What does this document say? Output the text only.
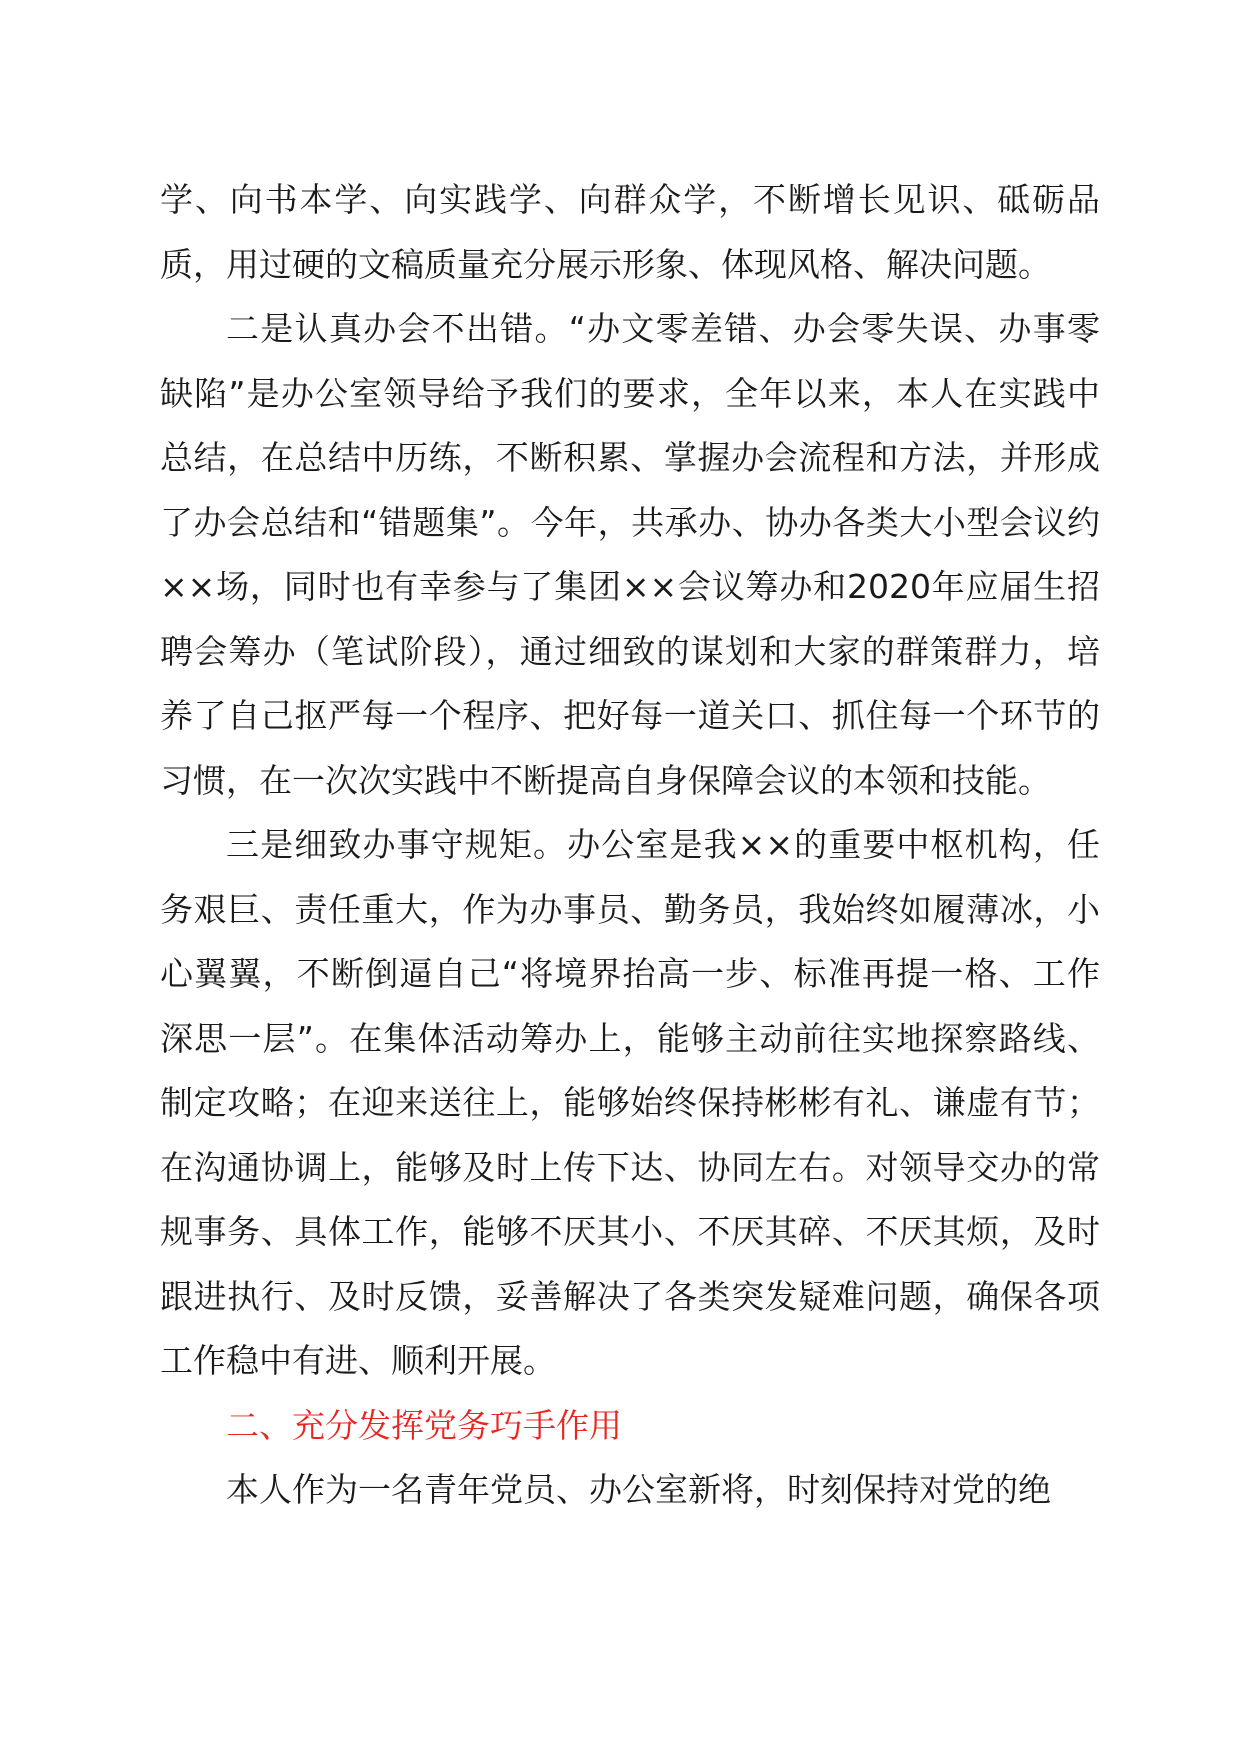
学、向书本学、向实践学、向群众学，不断增长见识、砥砺品质，用过硬的文稿质量充分展示形象、体现风格、解决问题。

二是认真办会不出错。“办文零差错、办会零失误、办事零缺陷”是办公室领导给予我们的要求，全年以来，本人在实践中总结，在总结中历练，不断积累、掌握办会流程和方法，并形成了办会总结和“错题集”。今年，共承办、协办各类大小型会议约××场，同时也有幸参与了集团××会议筹办和2020年应届生招聘会筹办（笔试阶段），通过细致的谋划和大家的群策群力，培养了自己抠严每一个程序、把好每一道关口、抓住每一个环节的习惯，在一次次实践中不断提高自身保障会议的本领和技能。

三是细致办事守规矩。办公室是我××的重要中枢机构，任务艰巨、责任重大，作为办事员、勤务员，我始终如履薄冰，小心翼翼，不断倒逼自己“将境界抬高一步、标准再提一格、工作深思一层”。在集体活动筹办上，能够主动前往实地探察路线、制定攻略；在迎来送往上，能够始终保持彬彬有礼、谦虚有节；在沟通协调上，能够及时上传下达、协同左右。对领导交办的常规事务、具体工作，能够不厌其小、不厌其碎、不厌其烦，及时跟进执行、及时反馈，妥善解决了各类突发疑难问题，确保各项工作稳中有进、顺利开展。

二、充分发挥党务巧手作用

本人作为一名青年党员、办公室新将，时刻保持对党的绝
